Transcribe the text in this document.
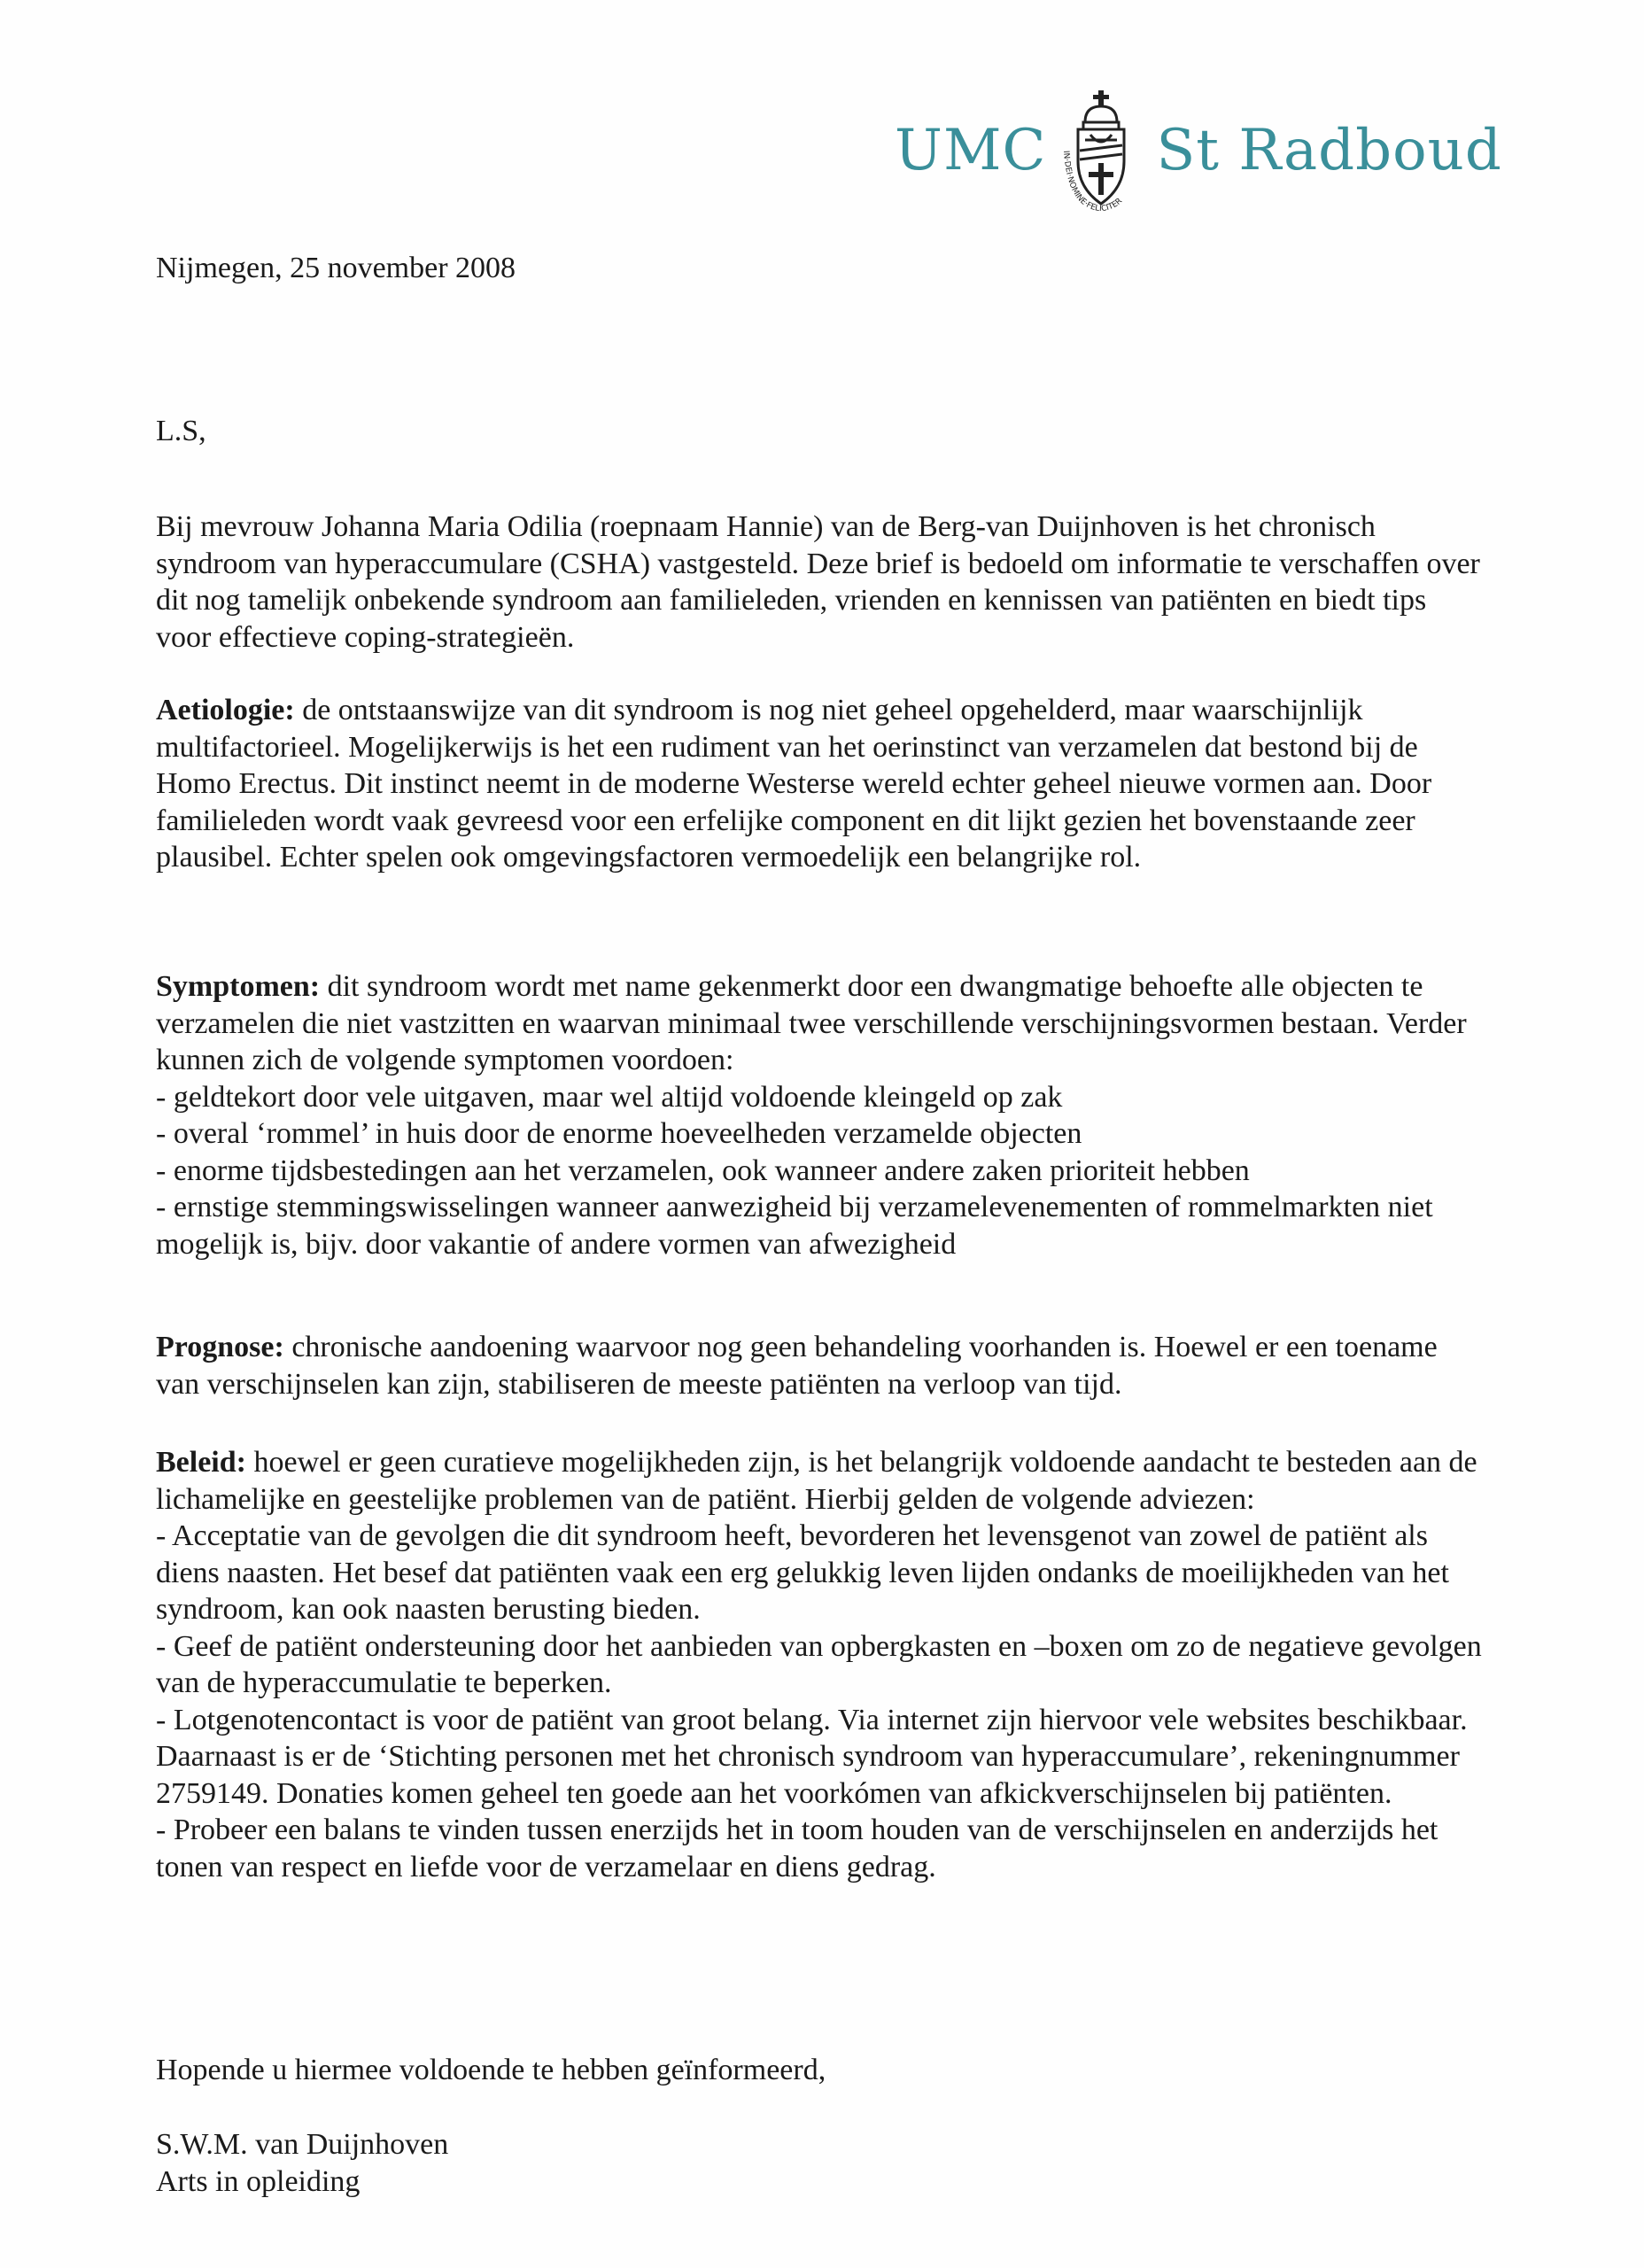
UMC IN·DEI·NOMINE·FELICITER
St Radboud

Nijmegen, 25 november 2008

L.S,

Bij mevrouw Johanna Maria Odilia (roepnaam Hannie) van de Berg-van Duijnhoven is het chronisch syndroom van hyperaccumulare (CSHA) vastgesteld. Deze brief is bedoeld om informatie te verschaffen over dit nog tamelijk onbekende syndroom aan familieleden, vrienden en kennissen van patiënten en biedt tips voor effectieve coping-strategieën.

Aetiologie: de ontstaanswijze van dit syndroom is nog niet geheel opgehelderd, maar waarschijnlijk multifactorieel. Mogelijkerwijs is het een rudiment van het oerinstinct van verzamelen dat bestond bij de Homo Erectus. Dit instinct neemt in de moderne Westerse wereld echter geheel nieuwe vormen aan. Door familieleden wordt vaak gevreesd voor een erfelijke component en dit lijkt gezien het bovenstaande zeer plausibel. Echter spelen ook omgevingsfactoren vermoedelijk een belangrijke rol.

Symptomen: dit syndroom wordt met name gekenmerkt door een dwangmatige behoefte alle objecten te verzamelen die niet vastzitten en waarvan minimaal twee verschillende verschijningsvormen bestaan. Verder kunnen zich de volgende symptomen voordoen:

- geldtekort door vele uitgaven, maar wel altijd voldoende kleingeld op zak
- overal ‘rommel’ in huis door de enorme hoeveelheden verzamelde objecten
- enorme tijdsbestedingen aan het verzamelen, ook wanneer andere zaken prioriteit hebben
- ernstige stemmingswisselingen wanneer aanwezigheid bij verzamelevenementen of rommelmarkten niet mogelijk is, bijv. door vakantie of andere vormen van afwezigheid

Prognose: chronische aandoening waarvoor nog geen behandeling voorhanden is. Hoewel er een toename van verschijnselen kan zijn, stabiliseren de meeste patiënten na verloop van tijd.

Beleid: hoewel er geen curatieve mogelijkheden zijn, is het belangrijk voldoende aandacht te besteden aan de lichamelijke en geestelijke problemen van de patiënt. Hierbij gelden de volgende adviezen:

- Acceptatie van de gevolgen die dit syndroom heeft, bevorderen het levensgenot van zowel de patiënt als diens naasten. Het besef dat patiënten vaak een erg gelukkig leven lijden ondanks de moeilijkheden van het syndroom, kan ook naasten berusting bieden.
- Geef de patiënt ondersteuning door het aanbieden van opbergkasten en –boxen om zo de negatieve gevolgen van de hyperaccumulatie te beperken.
- Lotgenotencontact is voor de patiënt van groot belang. Via internet zijn hiervoor vele websites beschikbaar. Daarnaast is er de ‘Stichting personen met het chronisch syndroom van hyperaccumulare’, rekeningnummer 2759149. Donaties komen geheel ten goede aan het voorkómen van afkickverschijnselen bij patiënten.
- Probeer een balans te vinden tussen enerzijds het in toom houden van de verschijnselen en anderzijds het tonen van respect en liefde voor de verzamelaar en diens gedrag.

Hopende u hiermee voldoende te hebben geïnformeerd,

S.W.M. van Duijnhoven
Arts in opleiding
